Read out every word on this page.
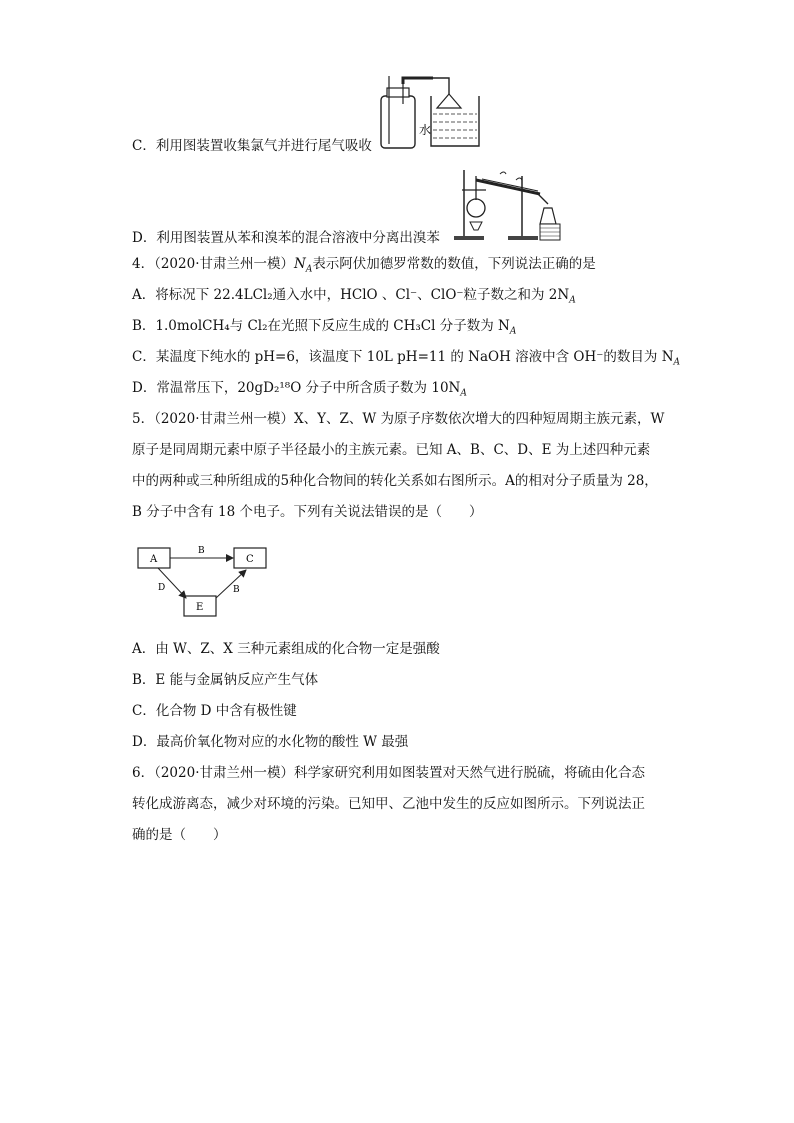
水
C．利用图装置收集氯气并进行尾气吸收
D．利用图装置从苯和溴苯的混合溶液中分离出溴苯
4．（2020·甘肃兰州一模）$N_A$表示阿伏加德罗常数的数值，下列说法正确的是
A．将标况下 22.4LCl₂通入水中，HClO 、Cl⁻、ClO⁻粒子数之和为 $2N_A$
B．1.0molCH₄与 Cl₂在光照下反应生成的 CH₃Cl 分子数为 $N_A$
C．某温度下纯水的 pH=6，该温度下 10L pH=11 的 NaOH 溶液中含 OH⁻的数目为 $N_A$
D．常温常压下，20gD₂¹⁸O 分子中所含质子数为 $10N_A$
5．（2020·甘肃兰州一模）X、Y、Z、W 为原子序数依次增大的四种短周期主族元素，W
原子是同周期元素中原子半径最小的主族元素。已知 A、B、C、D、E 为上述四种元素
中的两种或三种所组成的5种化合物间的转化关系如右图所示。A的相对分子质量为 28，
B 分子中含有 18 个电子。下列有关说法错误的是（　　）
A	C
E
B
D	B
A．由 W、Z、X 三种元素组成的化合物一定是强酸
B．E 能与金属钠反应产生气体
C．化合物 D 中含有极性键
D．最高价氧化物对应的水化物的酸性 W 最强
6．（2020·甘肃兰州一模）科学家研究利用如图装置对天然气进行脱硫，将硫由化合态
转化成游离态，减少对环境的污染。已知甲、乙池中发生的反应如图所示。下列说法正
确的是（　　）
